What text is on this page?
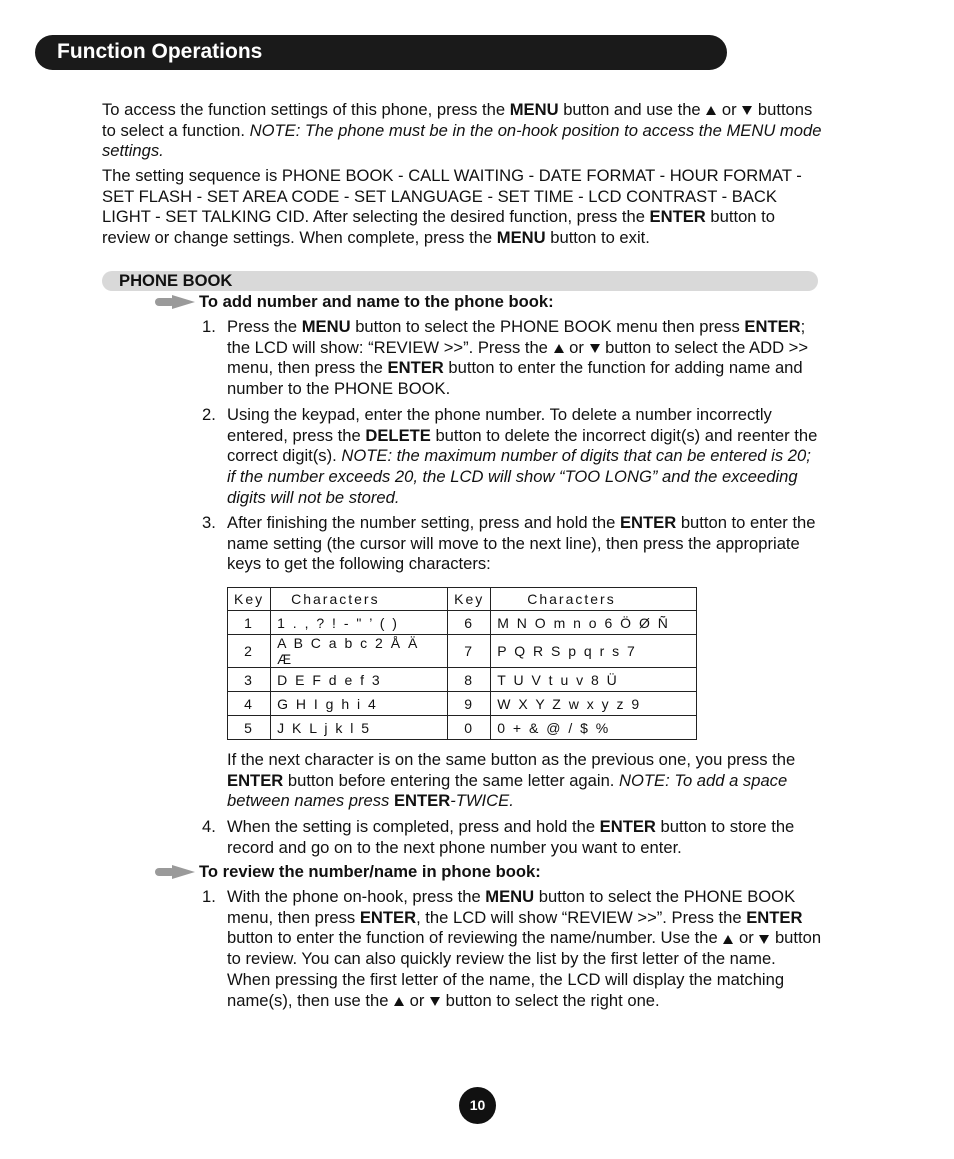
Function Operations
To access the function settings of this phone, press the MENU button and use the  or  buttons to select a function. NOTE: The phone must be in the on-hook position to access the MENU mode settings.
The setting sequence is PHONE BOOK - CALL WAITING - DATE FORMAT - HOUR FORMAT - SET FLASH - SET AREA CODE - SET LANGUAGE - SET TIME - LCD CONTRAST - BACK LIGHT - SET TALKING CID. After selecting the desired function, press the ENTER button to review or change settings. When complete, press the MENU button to exit.
PHONE BOOK
To add number and name to the phone book:
1. Press the MENU button to select the PHONE BOOK menu then press ENTER; the LCD will show: “REVIEW >>”. Press the  or  button to select the ADD >> menu, then press the ENTER button to enter the function for adding name and number to the PHONE BOOK.
2. Using the keypad, enter the phone number. To delete a number incorrectly entered, press the DELETE button to delete the incorrect digit(s) and reenter the correct digit(s). NOTE: the maximum number of digits that can be entered is 20; if the number exceeds 20, the LCD will show “TOO LONG” and the exceeding digits will not be stored.
3. After finishing the number setting, press and hold the ENTER button to enter the name setting (the cursor will move to the next line), then press the appropriate keys to get the following characters:
Key	Characters	Key	Characters
1	1 . , ? ! - " ’ ( )	6	M N O m n o 6 Ö Ø Ñ
2	A B C a b c 2 Å Ä Æ	7	P Q R S p q r s 7
3	D E F d e f 3	8	T U V t u v 8 Ü
4	G H I g h i 4	9	W X Y Z w x y z 9
5	J K L j k l 5	0	0 + & @ / $ %
If the next character is on the same button as the previous one, you press the ENTER button before entering the same letter again. NOTE: To add a space between names press ENTER-TWICE.
4. When the setting is completed, press and hold the ENTER button to store the record and go on to the next phone number you want to enter.
To review the number/name in phone book:
1. With the phone on-hook, press the MENU button to select the PHONE BOOK menu, then press ENTER, the LCD will show “REVIEW >>”. Press the ENTER button to enter the function of reviewing the name/number. Use the  or  button to review. You can also quickly review the list by the first letter of the name. When pressing the first letter of the name, the LCD will display the matching name(s), then use the  or  button to select the right one.
10
